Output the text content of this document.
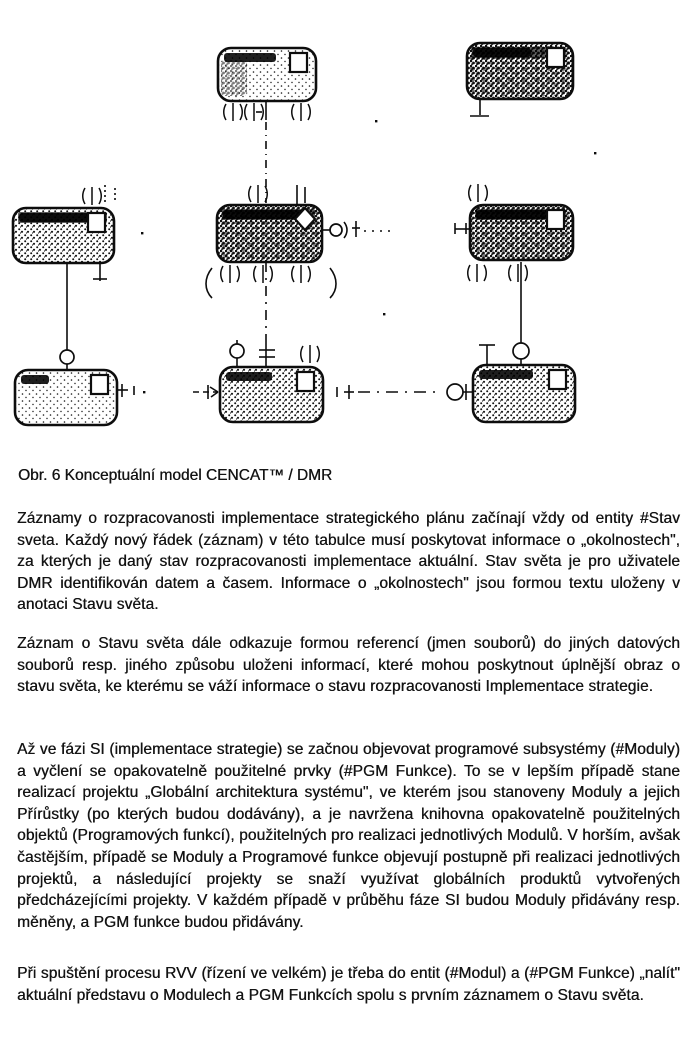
Obr. 6 Konceptuální model CENCAT™ / DMR

Záznamy o rozpracovanosti implementace strategického plánu začínají vždy od entity #Stav sveta. Každý nový řádek (záznam) v této tabulce musí poskytovat informace o „okolnostech", za kterých je daný stav rozpracovanosti implementace aktuální. Stav světa je pro uživatele DMR identifikován datem a časem. Informace o „okolnostech" jsou formou textu uloženy v anotaci Stavu světa.

Záznam o Stavu světa dále odkazuje formou referencí (jmen souborů) do jiných datových souborů resp. jiného způsobu uloženi informací, které mohou poskytnout úplnější obraz o stavu světa, ke kterému se váží informace o stavu rozpracovanosti Implementace strategie.

Až ve fázi SI (implementace strategie) se začnou objevovat programové subsystémy (#Moduly) a vyčlení se opakovatelně použitelné prvky (#PGM Funkce). To se v lepším případě stane realizací projektu „Globální architektura systému", ve kterém jsou stanoveny Moduly a jejich Přírůstky (po kterých budou dodávány), a je navržena knihovna opakovatelně použitelných objektů (Programových funkcí), použitelných pro realizaci jednotlivých Modulů. V horším, avšak častějším, případě se Moduly a Programové funkce objevují postupně při realizaci jednotlivých projektů, a následující projekty se snaží využívat globálních produktů vytvořených předcházejícími projekty. V každém případě v průběhu fáze SI budou Moduly přidávány resp. měněny, a PGM funkce budou přidávány.

Při spuštění procesu RVV (řízení ve velkém) je třeba do entit (#Modul) a (#PGM Funkce) „nalít" aktuální představu o Modulech a PGM Funkcích spolu s prvním záznamem o Stavu světa.
